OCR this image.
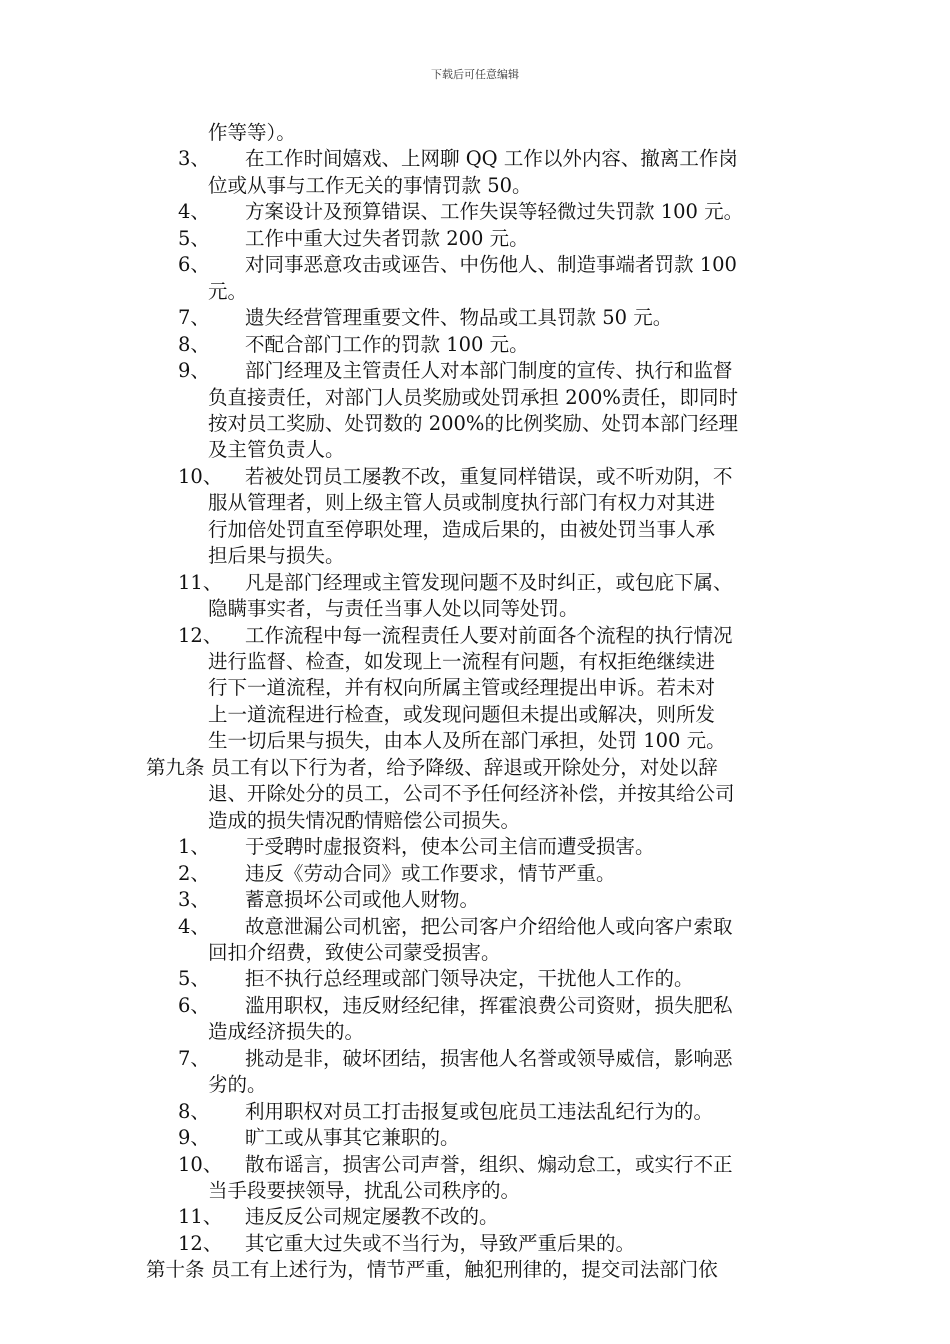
下载后可任意编辑
作等等）。
3、 在工作时间嬉戏、上网聊 QQ 工作以外内容、撤离工作岗
位或从事与工作无关的事情罚款 50。
4、 方案设计及预算错误、工作失误等轻微过失罚款 100 元。
5、 工作中重大过失者罚款 200 元。
6、 对同事恶意攻击或诬告、中伤他人、制造事端者罚款 100
元。
7、 遗失经营管理重要文件、物品或工具罚款 50 元。
8、 不配合部门工作的罚款 100 元。
9、 部门经理及主管责任人对本部门制度的宣传、执行和监督
负直接责任，对部门人员奖励或处罚承担 200%责任，即同时
按对员工奖励、处罚数的 200%的比例奖励、处罚本部门经理
及主管负责人。
10、 若被处罚员工屡教不改，重复同样错误，或不听劝阴，不
服从管理者，则上级主管人员或制度执行部门有权力对其进
行加倍处罚直至停职处理，造成后果的，由被处罚当事人承
担后果与损失。
11、 凡是部门经理或主管发现问题不及时纠正，或包庇下属、
隐瞒事实者，与责任当事人处以同等处罚。
12、 工作流程中每一流程责任人要对前面各个流程的执行情况
进行监督、检查，如发现上一流程有问题，有权拒绝继续进
行下一道流程，并有权向所属主管或经理提出申诉。若未对
上一道流程进行检查，或发现问题但未提出或解决，则所发
生一切后果与损失，由本人及所在部门承担，处罚 100 元。
第九条 员工有以下行为者，给予降级、辞退或开除处分，对处以辞
退、开除处分的员工，公司不予任何经济补偿，并按其给公司
造成的损失情况酌情赔偿公司损失。
1、 于受聘时虚报资料，使本公司主信而遭受损害。
2、 违反《劳动合同》或工作要求，情节严重。
3、 蓄意损坏公司或他人财物。
4、 故意泄漏公司机密，把公司客户介绍给他人或向客户索取
回扣介绍费，致使公司蒙受损害。
5、 拒不执行总经理或部门领导决定，干扰他人工作的。
6、 滥用职权，违反财经纪律，挥霍浪费公司资财，损失肥私
造成经济损失的。
7、 挑动是非，破坏团结，损害他人名誉或领导威信，影响恶
劣的。
8、 利用职权对员工打击报复或包庇员工违法乱纪行为的。
9、 旷工或从事其它兼职的。
10、 散布谣言，损害公司声誉，组织、煽动怠工，或实行不正
当手段要挟领导，扰乱公司秩序的。
11、 违反反公司规定屡教不改的。
12、 其它重大过失或不当行为，导致严重后果的。
第十条 员工有上述行为，情节严重，触犯刑律的，提交司法部门依
